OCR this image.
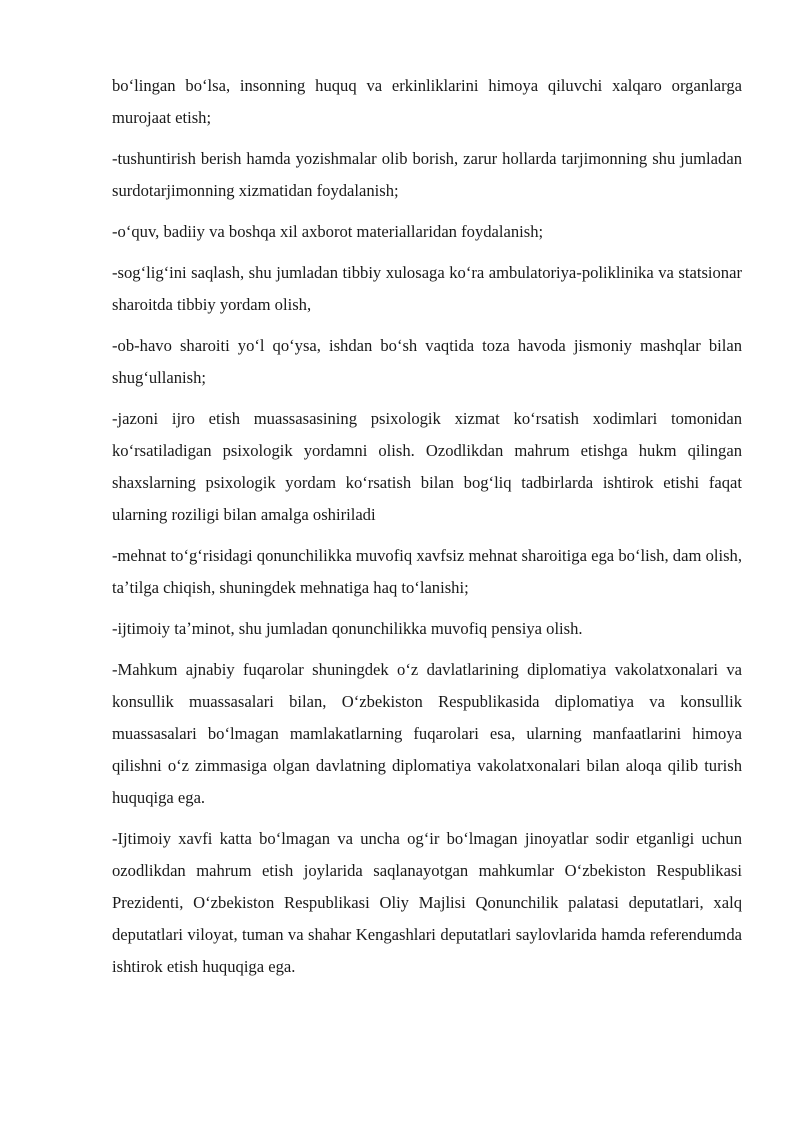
boʻlingan boʻlsa, insonning huquq va erkinliklarini himoya qiluvchi xalqaro organlarga murojaat etish;

-tushuntirish berish hamda yozishmalar olib borish, zarur hollarda tarjimonning shu jumladan surdotarjimonning xizmatidan foydalanish;

-oʻquv, badiiy va boshqa xil axborot materiallaridan foydalanish;

-sogʻligʻini saqlash, shu jumladan tibbiy xulosaga koʻra ambulatoriya-poliklinika va statsionar sharoitda tibbiy yordam olish,

-ob-havo sharoiti yoʻl qoʻysa, ishdan boʻsh vaqtida toza havoda jismoniy mashqlar bilan shugʻullanish;

-jazoni ijro etish muassasasining psixologik xizmat koʻrsatish xodimlari tomonidan koʻrsatiladigan psixologik yordamni olish. Ozodlikdan mahrum etishga hukm qilingan shaxslarning psixologik yordam koʻrsatish bilan bogʻliq tadbirlarda ishtirok etishi faqat ularning roziligi bilan amalga oshiriladi

-mehnat toʻgʻrisidagi qonunchilikka muvofiq xavfsiz mehnat sharoitiga ega boʻlish, dam olish, taʼtilga chiqish, shuningdek mehnatiga haq toʻlanishi;

-ijtimoiy taʼminot, shu jumladan qonunchilikka muvofiq pensiya olish.

-Mahkum ajnabiy fuqarolar shuningdek oʻz davlatlarining diplomatiya vakolatxonalari va konsullik muassasalari bilan, Oʻzbekiston Respublikasida diplomatiya va konsullik muassasalari boʻlmagan mamlakatlarning fuqarolari esa, ularning manfaatlarini himoya qilishni oʻz zimmasiga olgan davlatning diplomatiya vakolatxonalari bilan aloqa qilib turish huquqiga ega.

-Ijtimoiy xavfi katta boʻlmagan va uncha ogʻir boʻlmagan jinoyatlar sodir etganligi uchun ozodlikdan mahrum etish joylarida saqlanayotgan mahkumlar Oʻzbekiston Respublikasi Prezidenti, Oʻzbekiston Respublikasi Oliy Majlisi Qonunchilik palatasi deputatlari, xalq deputatlari viloyat, tuman va shahar Kengashlari deputatlari saylovlarida hamda referendumda ishtirok etish huquqiga ega.
